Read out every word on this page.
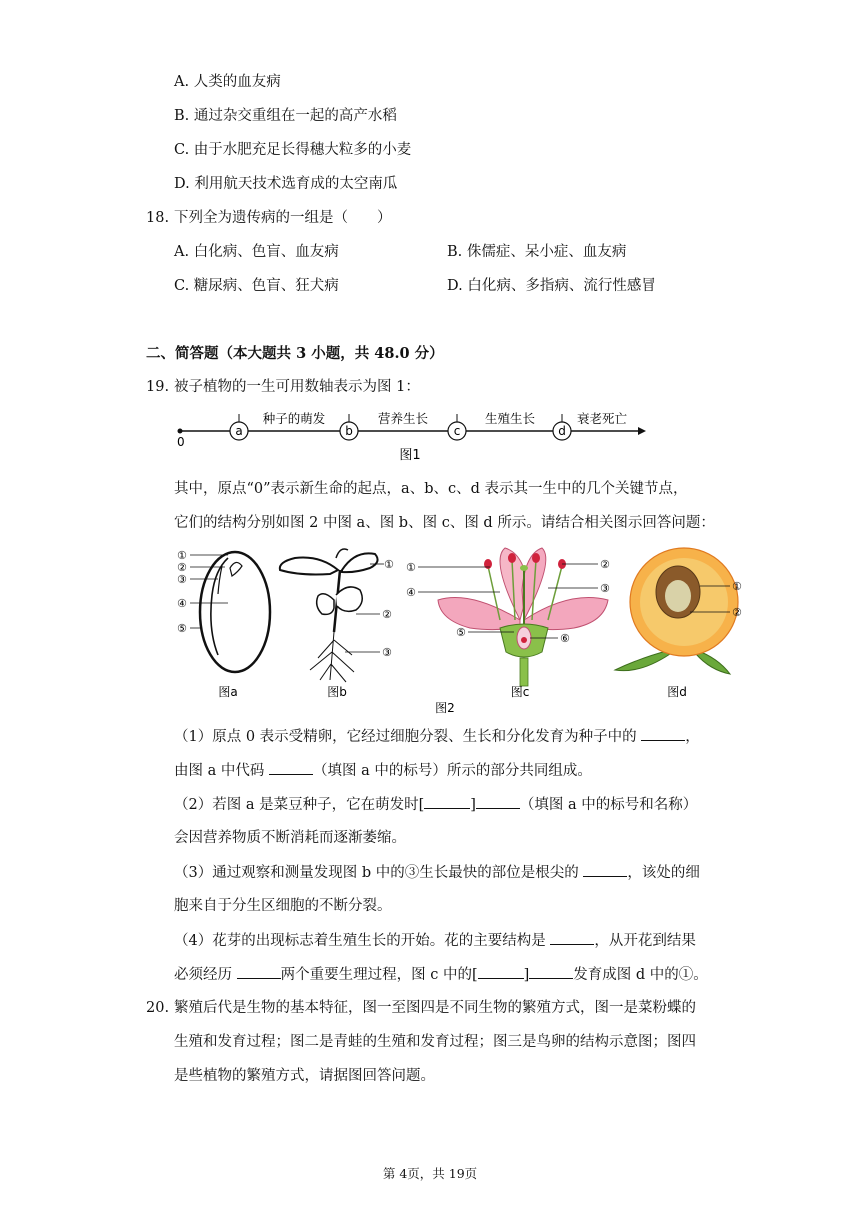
A. 人类的血友病
B. 通过杂交重组在一起的高产水稻
C. 由于水肥充足长得穗大粒多的小麦
D. 利用航天技术选育成的太空南瓜
18. 下列全为遗传病的一组是（　　）
A. 白化病、色盲、血友病	B. 侏儒症、呆小症、血友病
C. 糖尿病、色盲、狂犬病	D. 白化病、多指病、流行性感冒
二、简答题（本大题共 3 小题，共 48.0 分）
19. 被子植物的一生可用数轴表示为图 1：
0
a	b	c	d
种子的萌发	营养生长	生殖生长	衰老死亡
图1
其中，原点“0”表示新生命的起点，a、b、c、d 表示其一生中的几个关键节点，
它们的结构分别如图 2 中图 a、图 b、图 c、图 d 所示。请结合相关图示回答问题：
①
②
③
④
⑤
图a
①
②
③
图b
①	②
③
④
⑤	⑥
图c
①
②
图d
图2
（1）原点 0 表示受精卵，它经过细胞分裂、生长和分化发育为种子中的	，
由图 a 中代码	（填图 a 中的标号）所示的部分共同组成。
（2）若图 a 是菜豆种子，它在萌发时[	]	（填图 a 中的标号和名称）
会因营养物质不断消耗而逐渐萎缩。
（3）通过观察和测量发现图 b 中的③生长最快的部位是根尖的	，该处的细
胞来自于分生区细胞的不断分裂。
（4）花芽的出现标志着生殖生长的开始。花的主要结构是	，从开花到结果
必须经历	两个重要生理过程，图 c 中的[	]	发育成图 d 中的①。
20. 繁殖后代是生物的基本特征，图一至图四是不同生物的繁殖方式，图一是菜粉蝶的
生殖和发育过程；图二是青蛙的生殖和发育过程；图三是鸟卵的结构示意图；图四
是些植物的繁殖方式，请据图回答问题。
第 4页，共 19页
